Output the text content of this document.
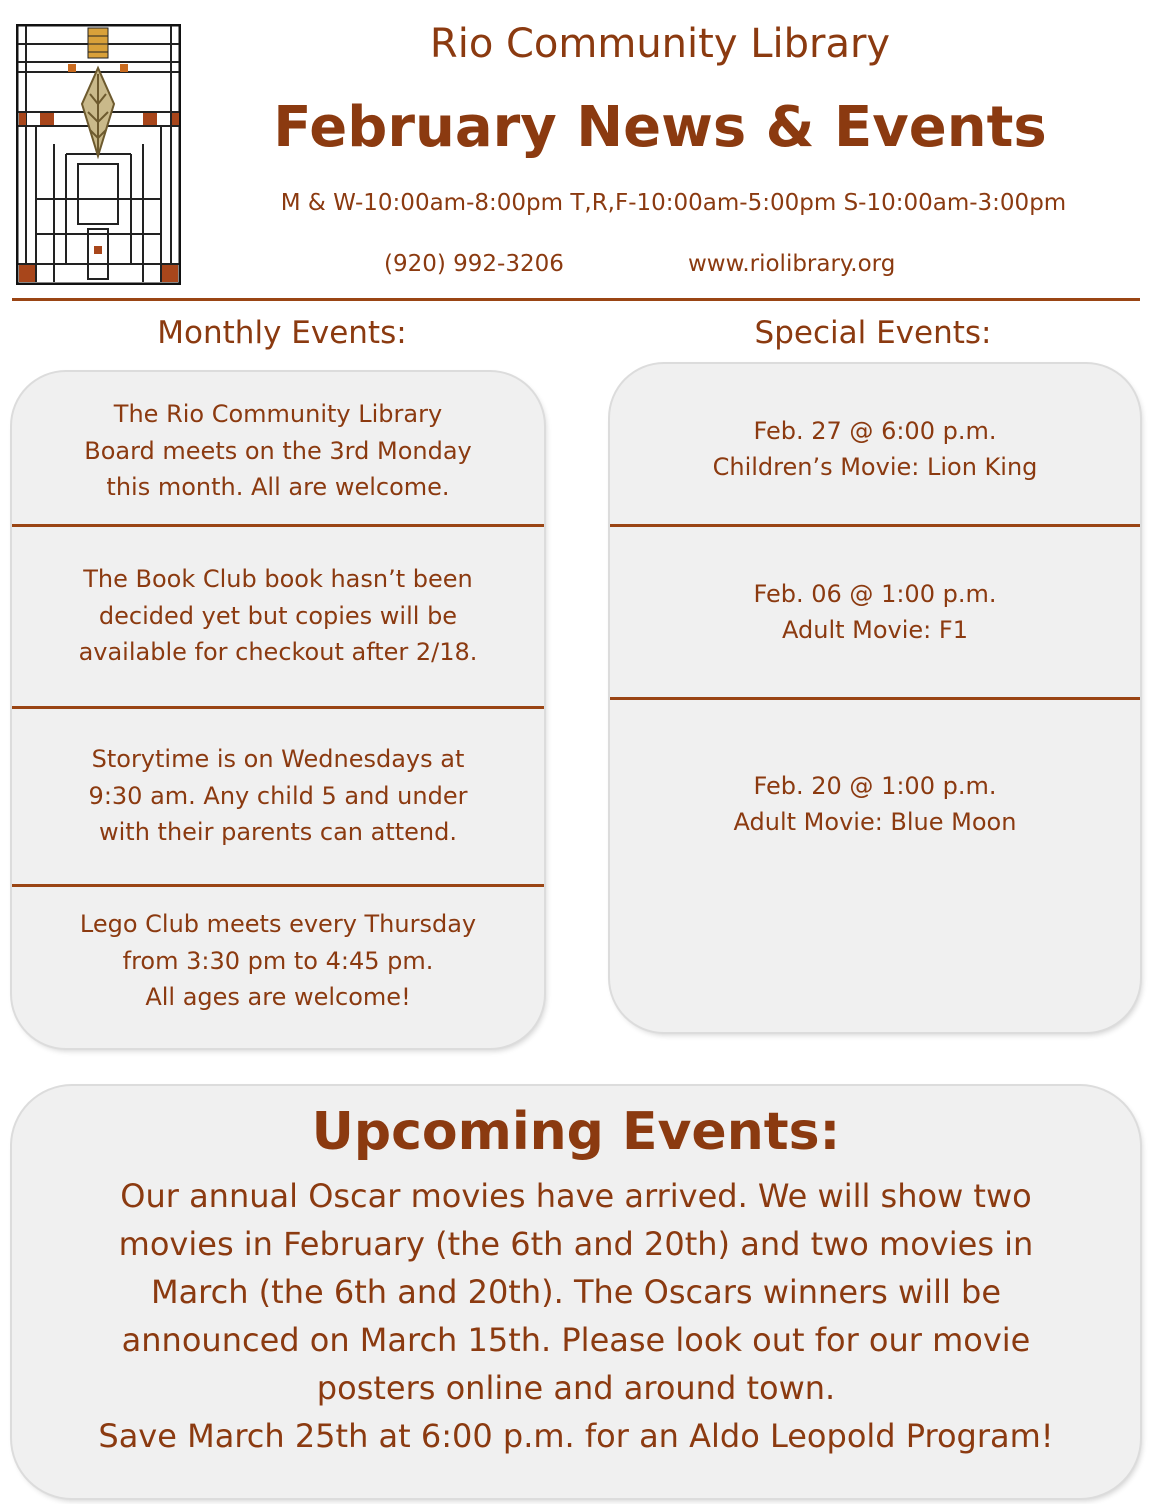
Rio Community Library
February News & Events
M & W-10:00am-8:00pm T,R,F-10:00am-5:00pm S-10:00am-3:00pm
(920) 992-3206	www.riolibrary.org
Monthly Events:	Special Events:
The Rio Community Library
Board meets on the 3rd Monday
this month. All are welcome.
The Book Club book hasn’t been
decided yet but copies will be
available for checkout after 2/18.
Storytime is on Wednesdays at
9:30 am. Any child 5 and under
with their parents can attend.
Lego Club meets every Thursday
from 3:30 pm to 4:45 pm.
All ages are welcome!
Feb. 27 @ 6:00 p.m.
Children’s Movie: Lion King
Feb. 06 @ 1:00 p.m.
Adult Movie: F1
Feb. 20 @ 1:00 p.m.
Adult Movie: Blue Moon
Upcoming Events:
Our annual Oscar movies have arrived. We will show two
movies in February (the 6th and 20th) and two movies in
March (the 6th and 20th). The Oscars winners will be
announced on March 15th. Please look out for our movie
posters online and around town.
Save March 25th at 6:00 p.m. for an Aldo Leopold Program!
